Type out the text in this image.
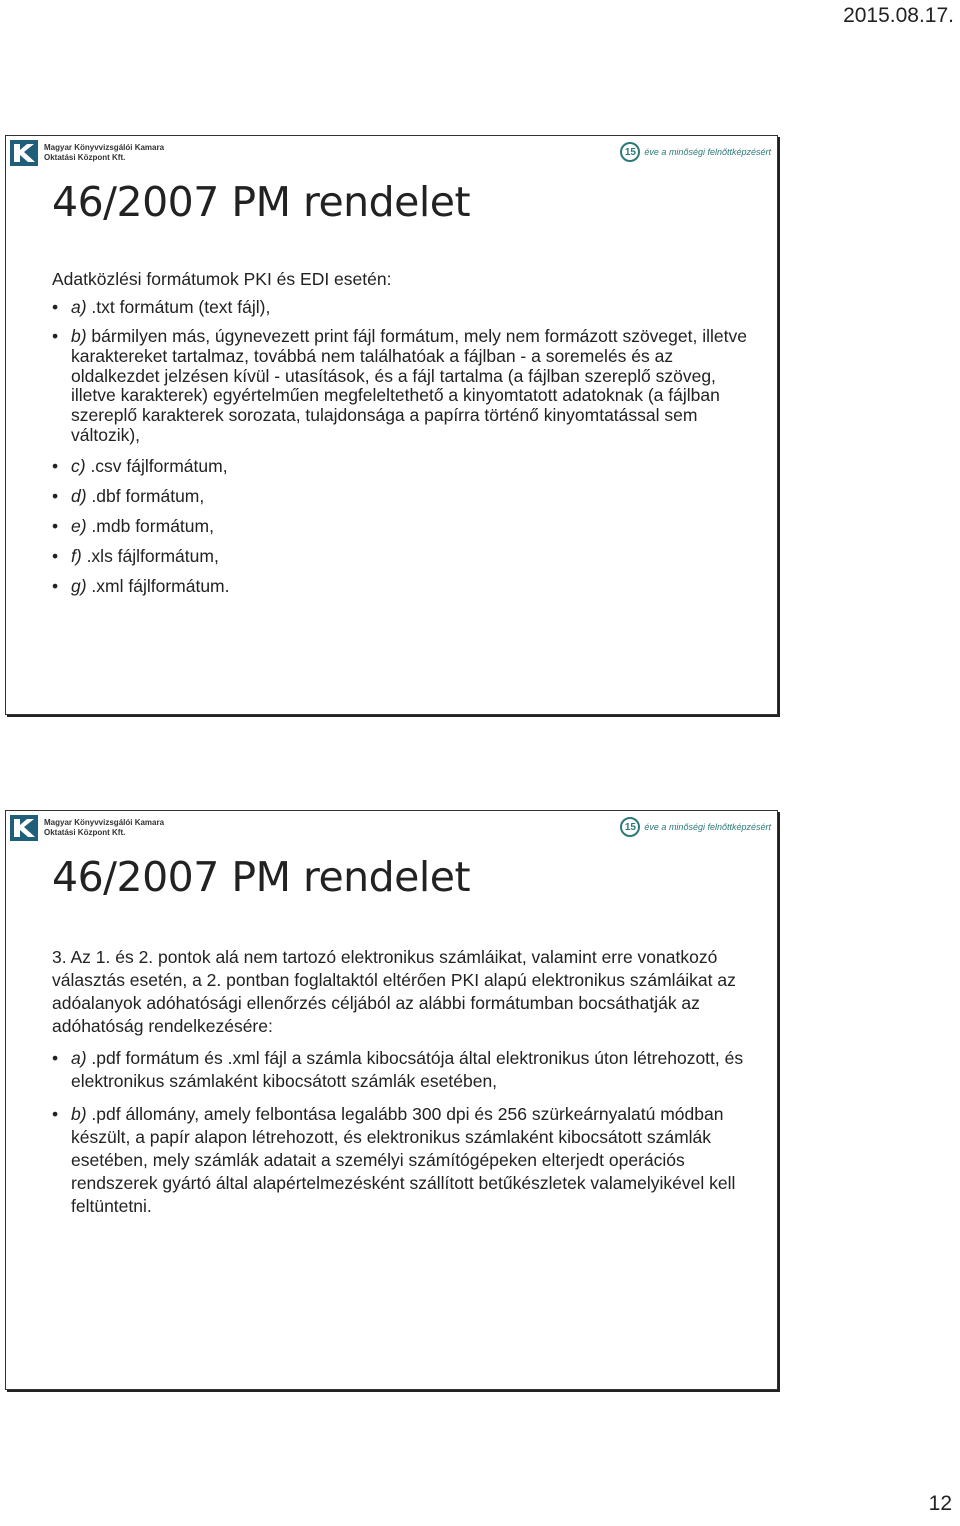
2015.08.17.
Magyar Könyvvizsgálói Kamara
Oktatási Központ Kft.	15 éve a minőségi felnőttképzésért
46/2007 PM rendelet

Adatközlési formátumok PKI és EDI esetén:

• a) .txt formátum (text fájl),
• b) bármilyen más, úgynevezett print fájl formátum, mely nem formázott szöveget, illetve karaktereket tartalmaz, továbbá nem találhatóak a fájlban - a soremelés és az oldalkezdet jelzésen kívül - utasítások, és a fájl tartalma (a fájlban szereplő szöveg, illetve karakterek) egyértelműen megfeleltethető a kinyomtatott adatoknak (a fájlban szereplő karakterek sorozata, tulajdonsága a papírra történő kinyomtatással sem változik),
• c) .csv fájlformátum,
• d) .dbf formátum,
• e) .mdb formátum,
• f) .xls fájlformátum,
• g) .xml fájlformátum.
Magyar Könyvvizsgálói Kamara
Oktatási Központ Kft.	15 éve a minőségi felnőttképzésért
46/2007 PM rendelet

3. Az 1. és 2. pontok alá nem tartozó elektronikus számláikat, valamint erre vonatkozó választás esetén, a 2. pontban foglaltaktól eltérően PKI alapú elektronikus számláikat az adóalanyok adóhatósági ellenőrzés céljából az alábbi formátumban bocsáthatják az adóhatóság rendelkezésére:

• a) .pdf formátum és .xml fájl a számla kibocsátója által elektronikus úton létrehozott, és elektronikus számlaként kibocsátott számlák esetében,
• b) .pdf állomány, amely felbontása legalább 300 dpi és 256 szürkeárnyalatú módban készült, a papír alapon létrehozott, és elektronikus számlaként kibocsátott számlák esetében, mely számlák adatait a személyi számítógépeken elterjedt operációs rendszerek gyártó által alapértelmezésként szállított betűkészletek valamelyikével kell feltüntetni.
12
